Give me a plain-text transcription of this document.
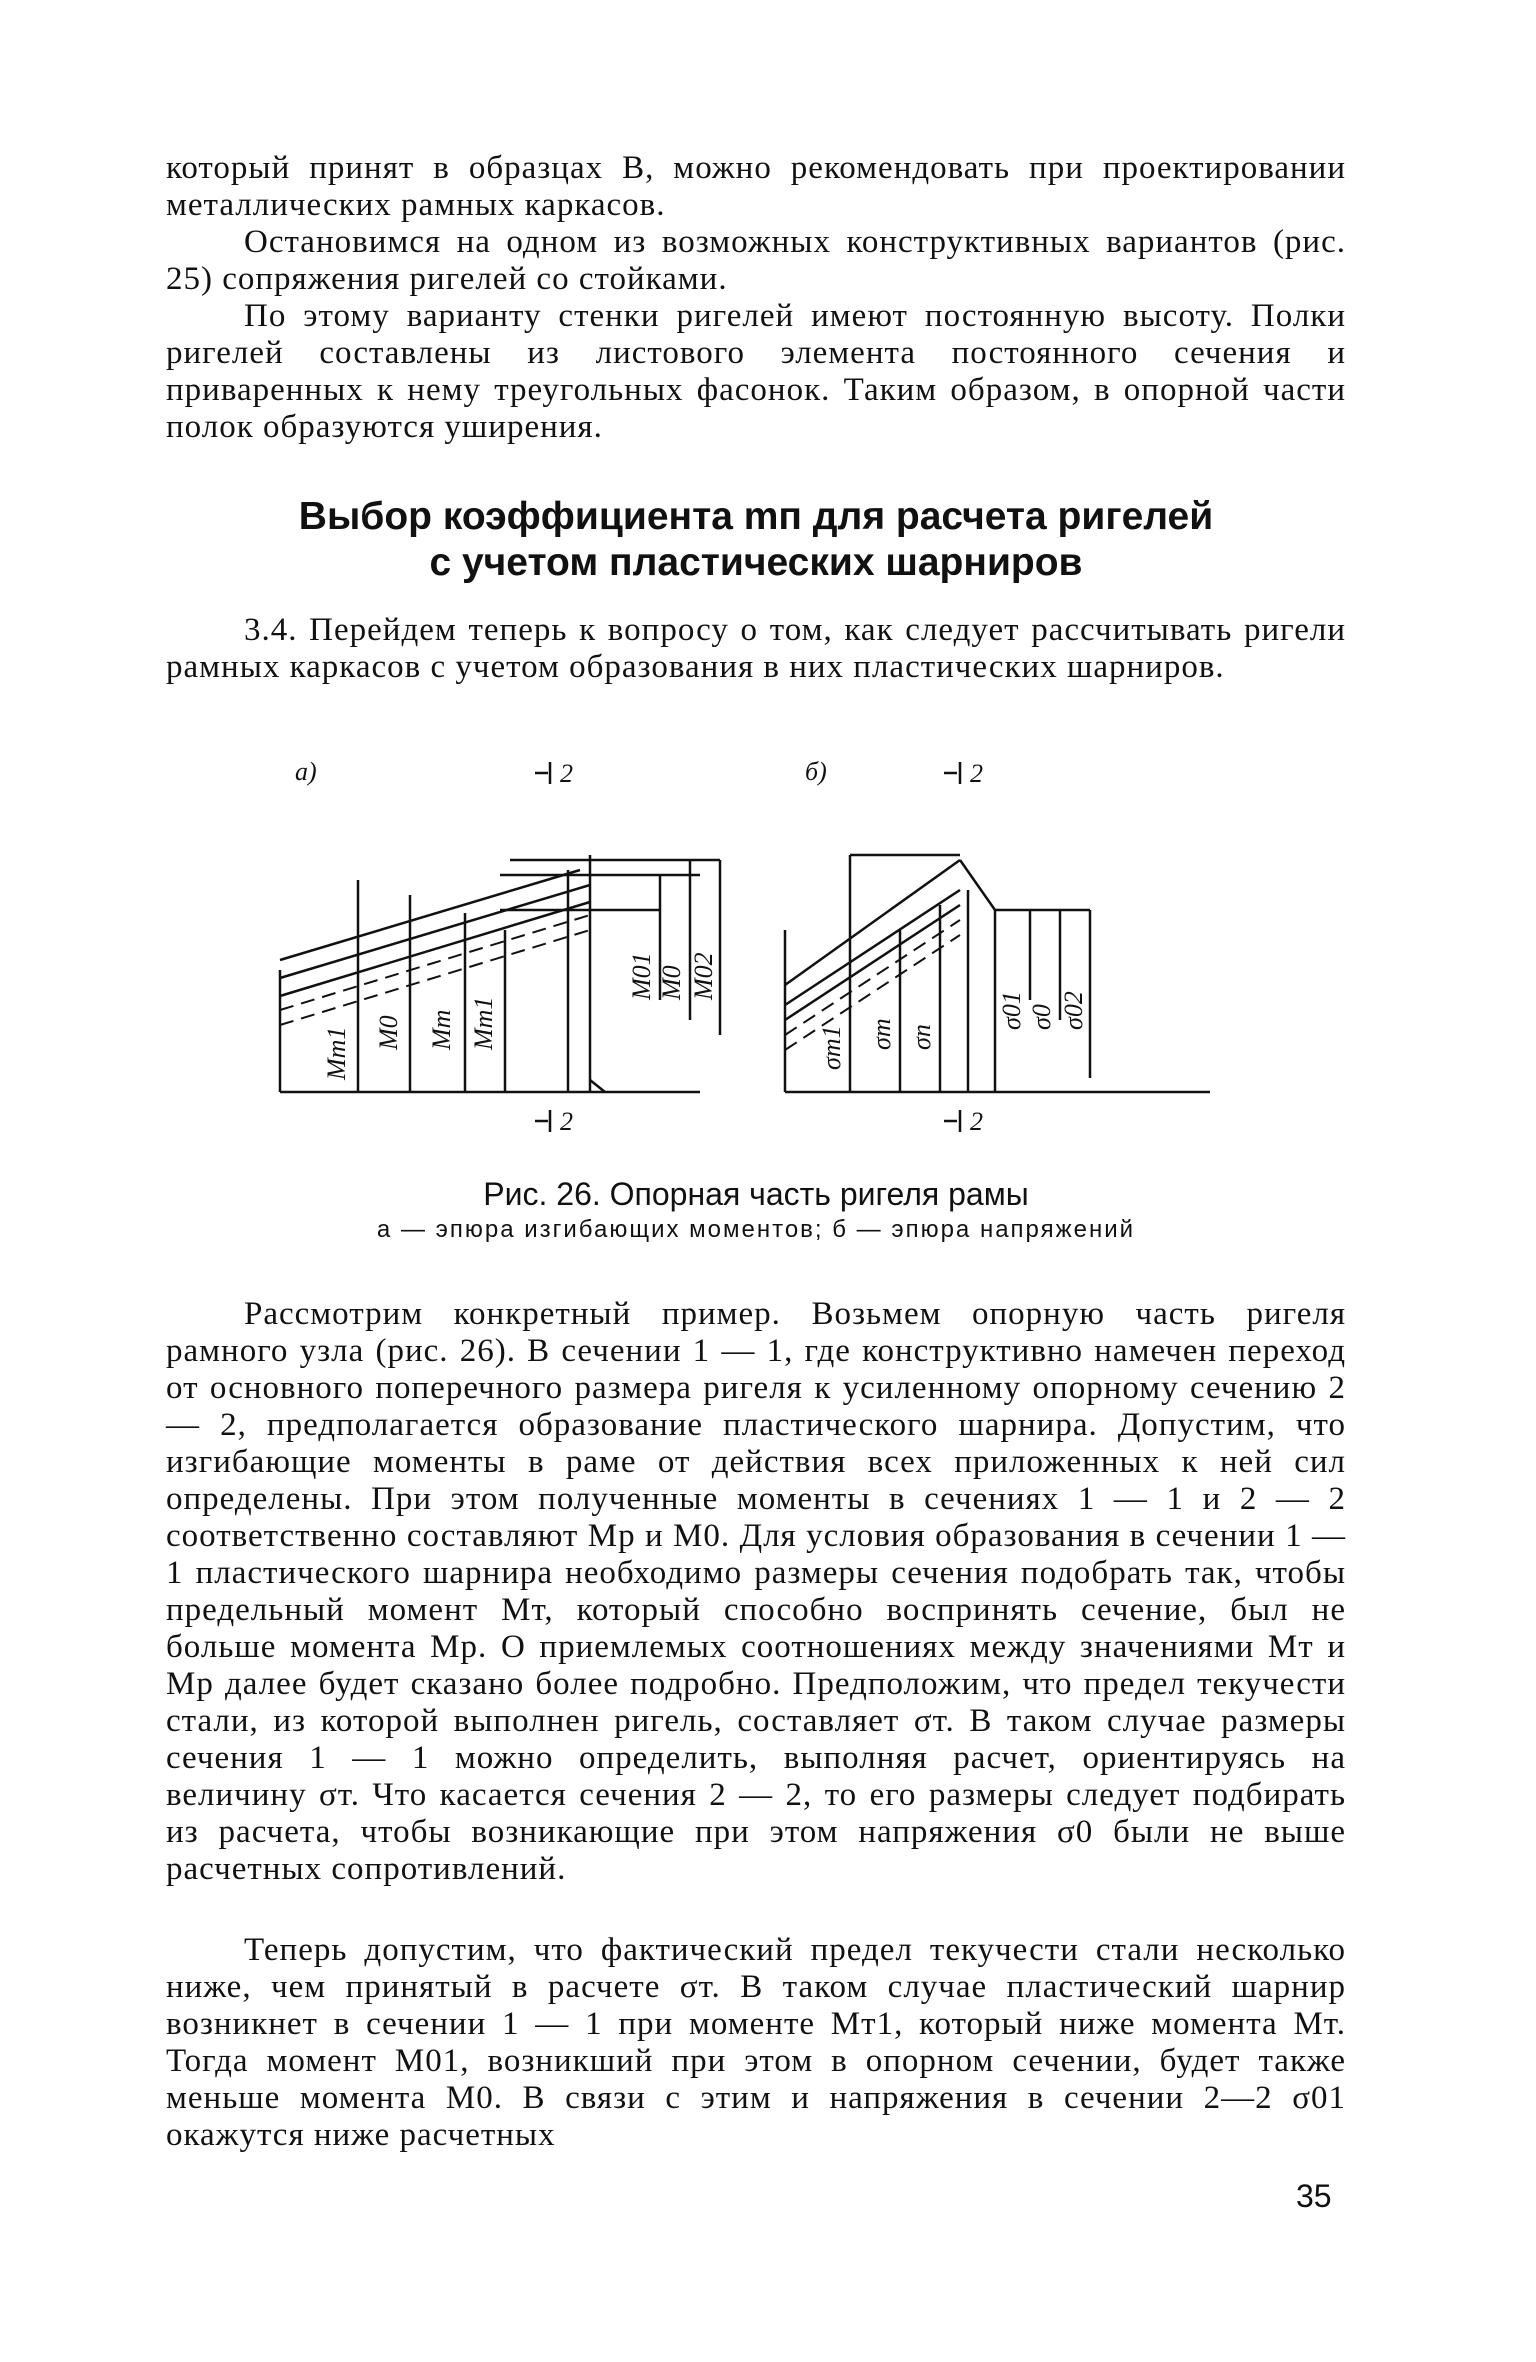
который принят в образцах В, можно рекомендовать при проектировании металлических рамных каркасов.

Остановимся на одном из возможных конструктивных вариантов (рис. 25) сопряжения ригелей со стойками.

По этому варианту стенки ригелей имеют постоянную высоту. Полки ригелей составлены из листового элемента постоянного сечения и приваренных к нему треугольных фасонок. Таким образом, в опорной части полок образуются уширения.

Выбор коэффициента mп для расчета ригелей

с учетом пластических шарниров

3.4. Перейдем теперь к вопросу о том, как следует рассчитывать ригели рамных каркасов с учетом образования в них пластических шарниров.

а)	б)
2
2
2
2
Мт1 М0 Мт Мт1
М01 М0 М02
σт1 σт σп
σ01 σ0 σ02

Рис. 26. Опорная часть ригеля рамы

а — эпюра изгибающих моментов; б — эпюра напряжений

Рассмотрим конкретный пример. Возьмем опорную часть ригеля рамного узла (рис. 26). В сечении 1 — 1, где конструктивно намечен переход от основного поперечного размера ригеля к усиленному опорному сечению 2 — 2, предполагается образование пластического шарнира. Допустим, что изгибающие моменты в раме от действия всех приложенных к ней сил определены. При этом полученные моменты в сечениях 1 — 1 и 2 — 2 соответственно составляют Мр и М0. Для условия образования в сечении 1 — 1 пластического шарнира необходимо размеры сечения подобрать так, чтобы предельный момент Мт, который способно воспринять сечение, был не больше момента Мр. О приемлемых соотношениях между значениями Мт и Мр далее будет сказано более подробно. Предположим, что предел текучести стали, из которой выполнен ригель, составляет σт. В таком случае размеры сечения 1 — 1 можно определить, выполняя расчет, ориентируясь на величину σт. Что касается сечения 2 — 2, то его размеры следует подбирать из расчета, чтобы возникающие при этом напряжения σ0 были не выше расчетных сопротивлений.

Теперь допустим, что фактический предел текучести стали несколько ниже, чем принятый в расчете σт. В таком случае пластический шарнир возникнет в сечении 1 — 1 при моменте Мт1, который ниже момента Мт. Тогда момент М01, возникший при этом в опорном сечении, будет также меньше момента М0. В связи с этим и напряжения в сечении 2—2 σ01 окажутся ниже расчетных

35
